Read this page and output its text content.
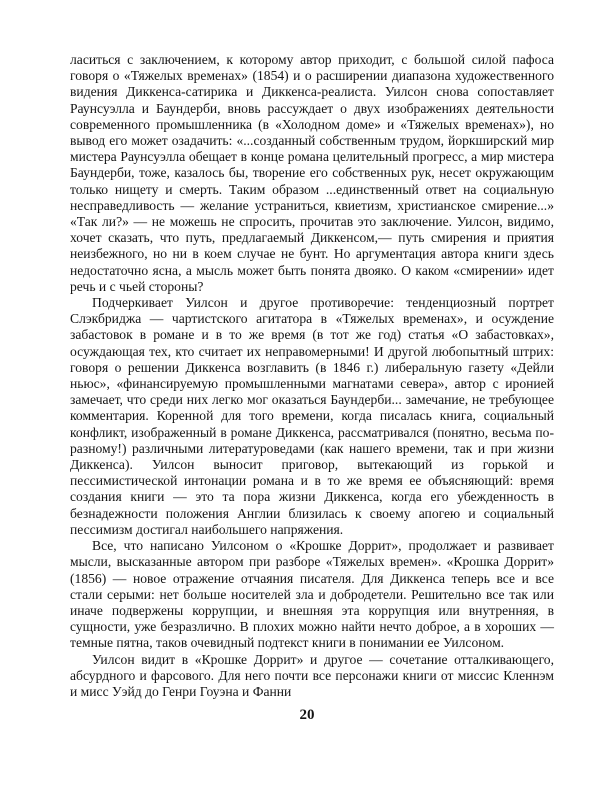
ласиться с заключением, к которому автор приходит, с большой силой пафоса говоря о «Тяжелых временах» (1854) и о расширении диапазона художественного видения Диккенса-сатирика и Диккенса-реалиста. Уилсон снова сопоставляет Раунсуэлла и Баундерби, вновь рассуждает о двух изображениях деятельности современного промышленника (в «Холодном доме» и «Тяжелых временах»), но вывод его может озадачить: «...созданный собственным трудом, йоркширский мир мистера Раунсуэлла обещает в конце романа целительный прогресс, а мир мистера Баундерби, тоже, казалось бы, творение его собственных рук, несет окружающим только нищету и смерть. Таким образом ...единственный ответ на социальную несправедливость — желание устраниться, квиетизм, христианское смирение...» «Так ли?» — не можешь не спросить, прочитав это заключение. Уилсон, видимо, хочет сказать, что путь, предлагаемый Диккенсом,— путь смирения и приятия неизбежного, но ни в коем случае не бунт. Но аргументация автора книги здесь недостаточно ясна, а мысль может быть понята двояко. О каком «смирении» идет речь и с чьей стороны?

Подчеркивает Уилсон и другое противоречие: тенденциозный портрет Слэкбриджа — чартистского агитатора в «Тяжелых временах», и осуждение забастовок в романе и в то же время (в тот же год) статья «О забастовках», осуждающая тех, кто считает их неправомерными! И другой любопытный штрих: говоря о решении Диккенса возглавить (в 1846 г.) либеральную газету «Дейли ньюс», «финансируемую промышленными магнатами севера», автор с иронией замечает, что среди них легко мог оказаться Баундерби... замечание, не требующее комментария. Коренной для того времени, когда писалась книга, социальный конфликт, изображенный в романе Диккенса, рассматривался (понятно, весьма по-разному!) различными литературоведами (как нашего времени, так и при жизни Диккенса). Уилсон выносит приговор, вытекающий из горькой и пессимистической интонации романа и в то же время ее объясняющий: время создания книги — это та пора жизни Диккенса, когда его убежденность в безнадежности положения Англии близилась к своему апогею и социальный пессимизм достигал наибольшего напряжения.

Все, что написано Уилсоном о «Крошке Доррит», продолжает и развивает мысли, высказанные автором при разборе «Тяжелых времен». «Крошка Доррит» (1856) — новое отражение отчаяния писателя. Для Диккенса теперь все и все стали серыми: нет больше носителей зла и добродетели. Решительно все так или иначе подвержены коррупции, и внешняя эта коррупция или внутренняя, в сущности, уже безразлично. В плохих можно найти нечто доброе, а в хороших — темные пятна, таков очевидный подтекст книги в понимании ее Уилсоном.

Уилсон видит в «Крошке Доррит» и другое — сочетание отталкивающего, абсурдного и фарсового. Для него почти все персонажи книги от миссис Кленнэм и мисс Уэйд до Генри Гоуэна и Фанни

20
